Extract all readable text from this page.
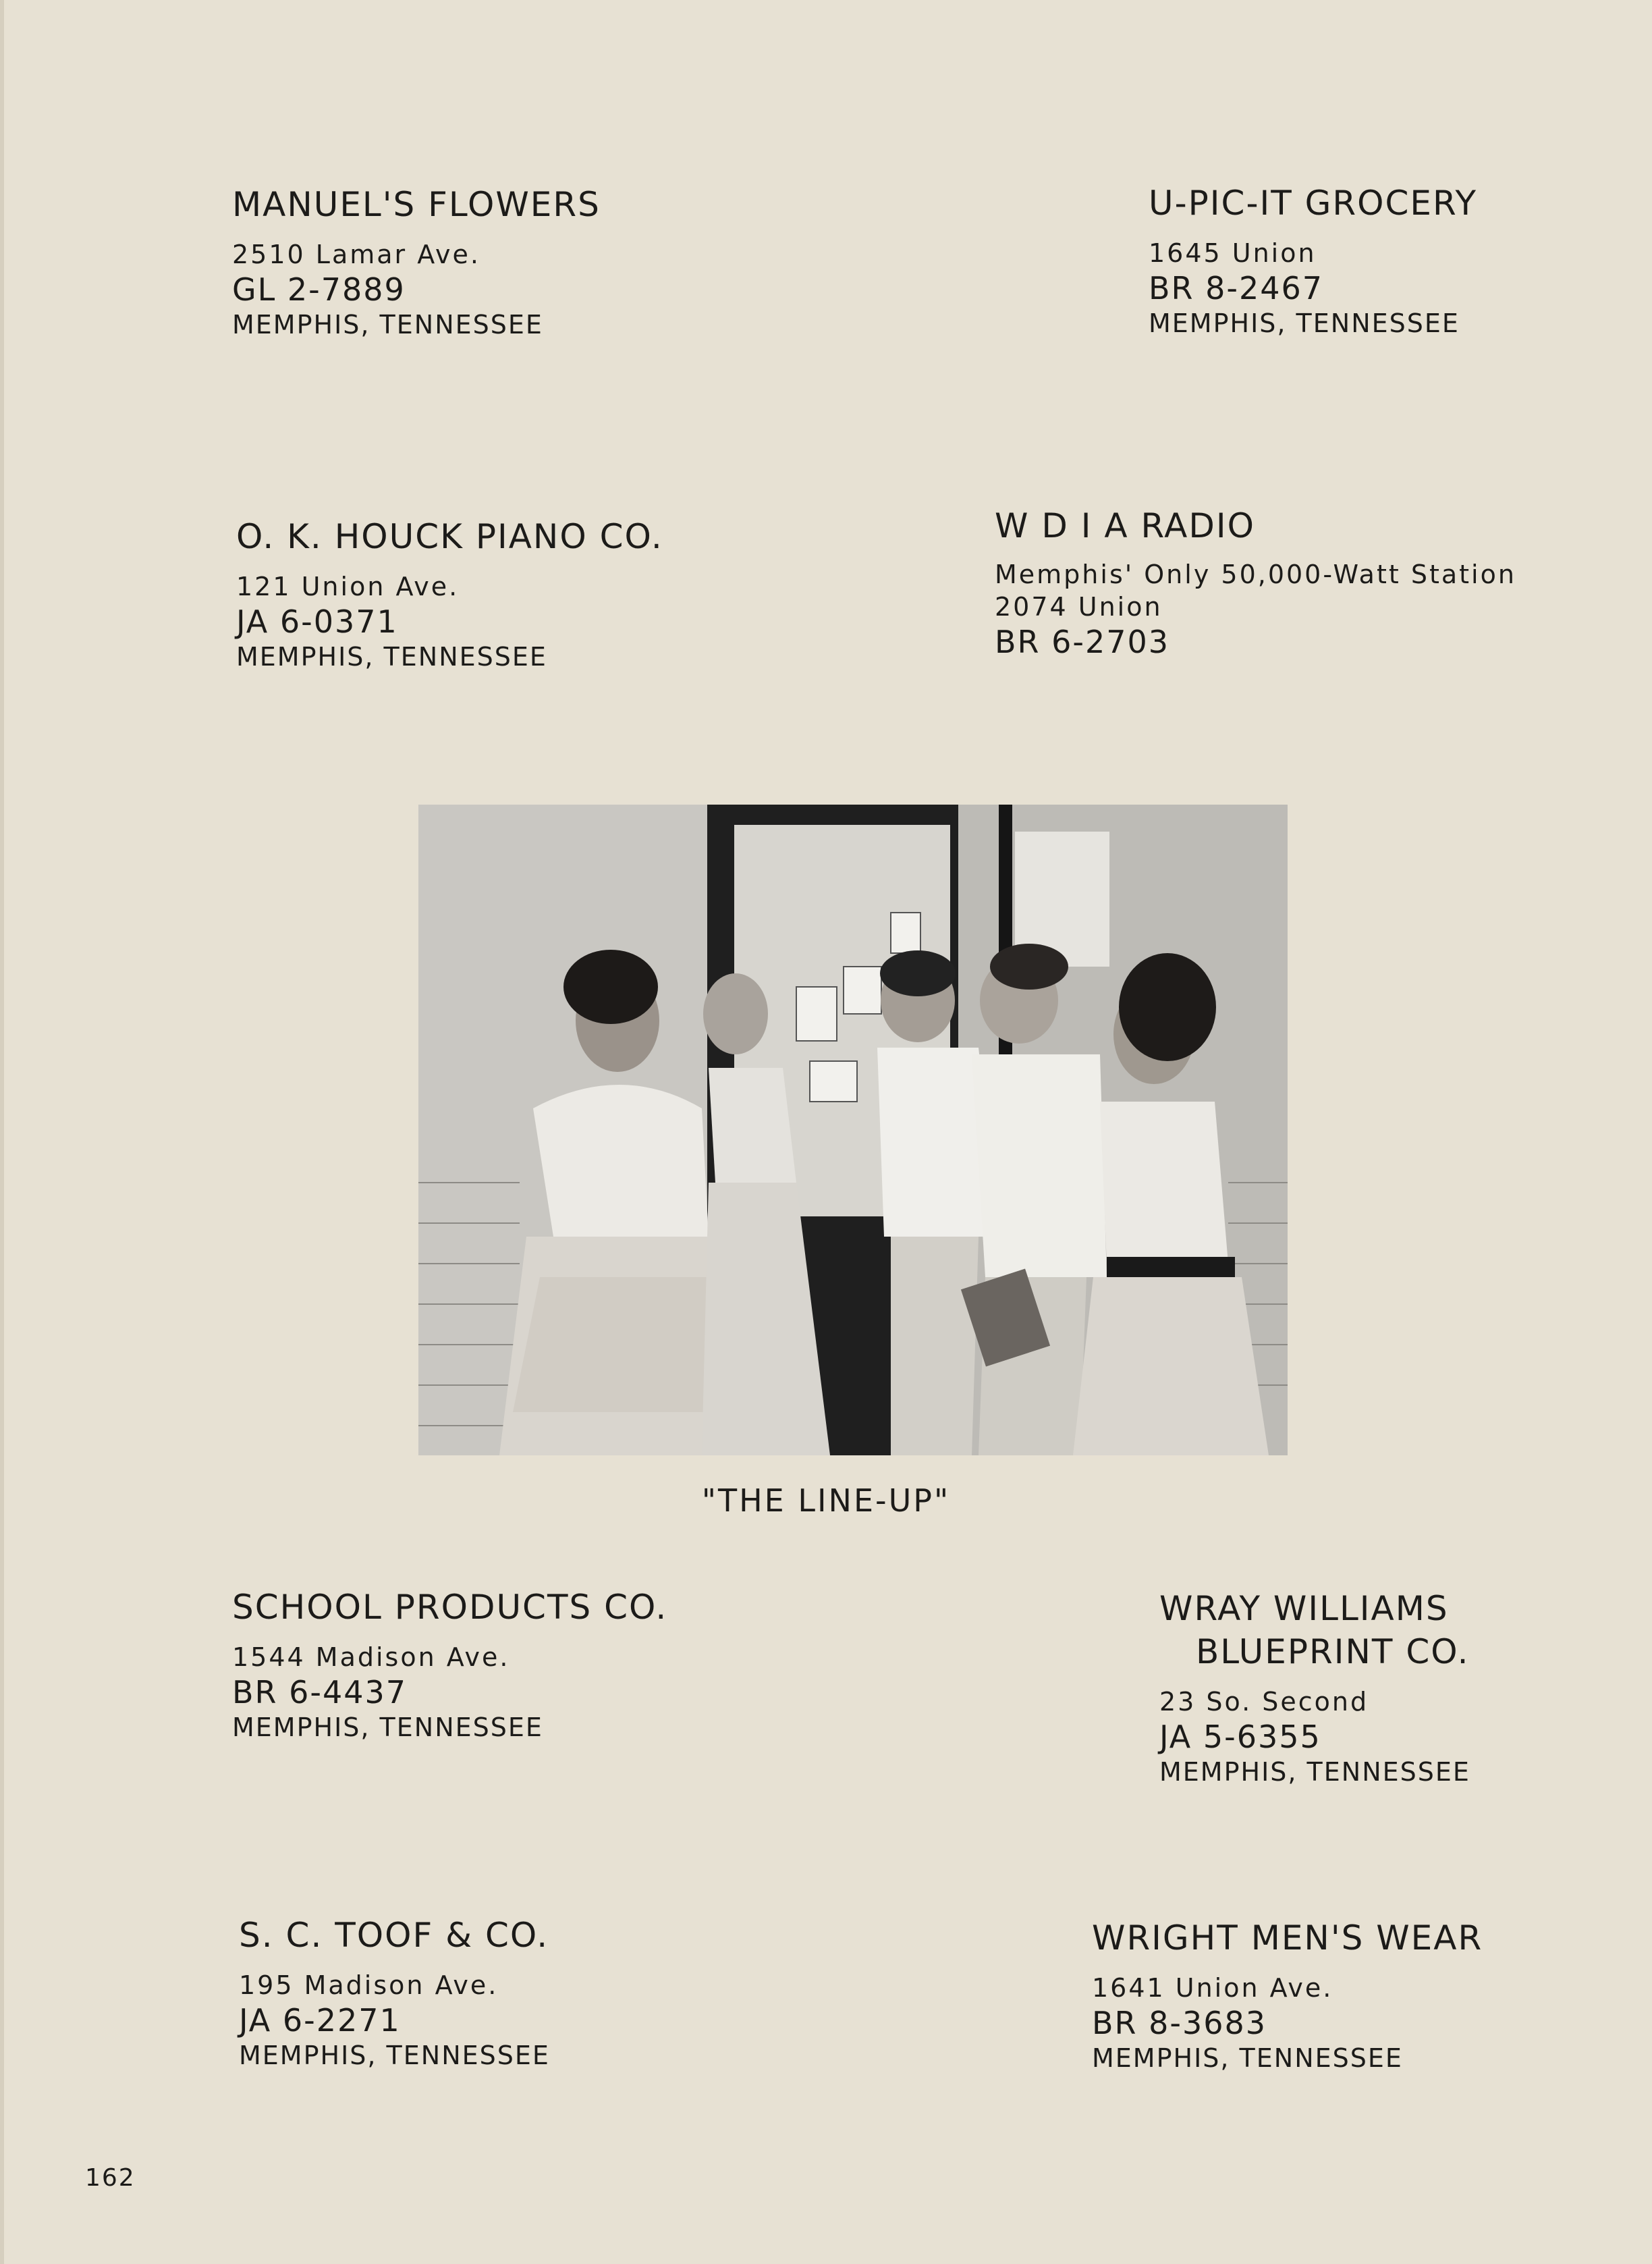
MANUEL'S FLOWERS
2510 Lamar Ave.
GL 2-7889
MEMPHIS, TENNESSEE
U-PIC-IT GROCERY
1645 Union
BR 8-2467
MEMPHIS, TENNESSEE
O. K. HOUCK PIANO CO.
121 Union Ave.
JA 6-0371
MEMPHIS, TENNESSEE
W D I A RADIO
Memphis' Only 50,000-Watt Station
2074 Union
BR 6-2703
"THE LINE-UP"
SCHOOL PRODUCTS CO.
1544 Madison Ave.
BR 6-4437
MEMPHIS, TENNESSEE
WRAY WILLIAMS
BLUEPRINT CO.
23 So. Second
JA 5-6355
MEMPHIS, TENNESSEE
S. C. TOOF & CO.
195 Madison Ave.
JA 6-2271
MEMPHIS, TENNESSEE
WRIGHT MEN'S WEAR
1641 Union Ave.
BR 8-3683
MEMPHIS, TENNESSEE
162
